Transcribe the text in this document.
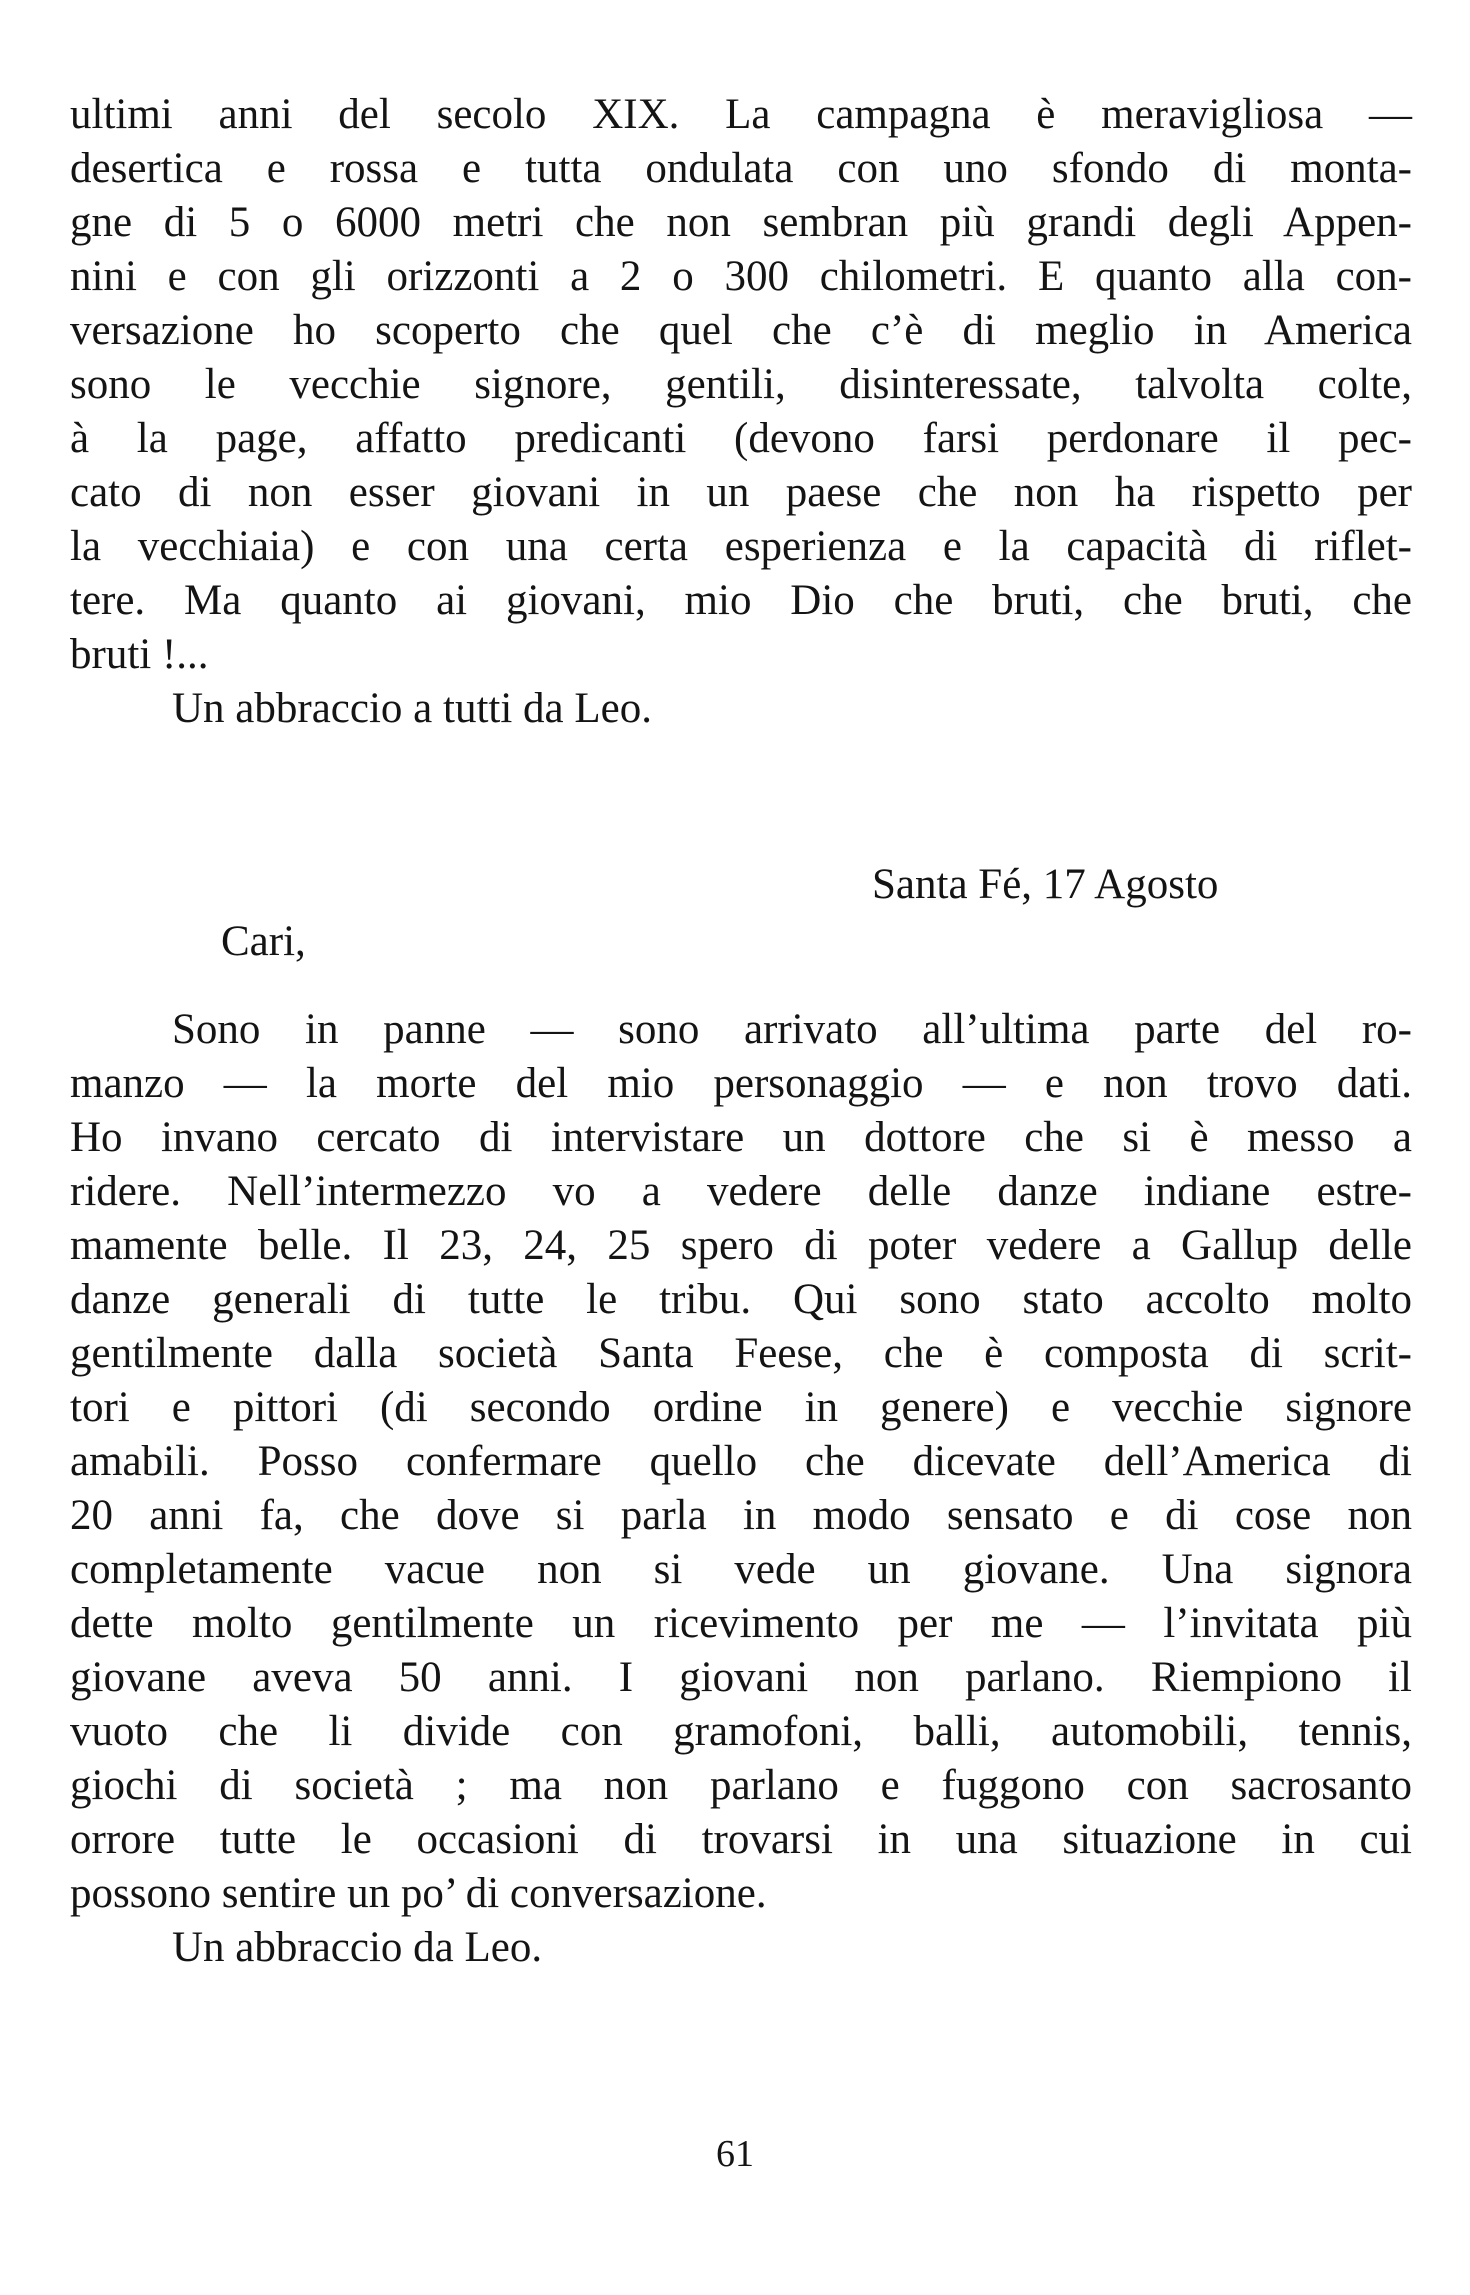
ultimi anni del secolo XIX. La campagna è meravigliosa —
desertica e rossa e tutta ondulata con uno sfondo di monta-
gne di 5 o 6000 metri che non sembran più grandi degli Appen-
nini e con gli orizzonti a 2 o 300 chilometri. E quanto alla con-
versazione ho scoperto che quel che c’è di meglio in America
sono le vecchie signore, gentili, disinteressate, talvolta colte,
à la page, affatto predicanti (devono farsi perdonare il pec-
cato di non esser giovani in un paese che non ha rispetto per
la vecchiaia) e con una certa esperienza e la capacità di riflet-
tere. Ma quanto ai giovani, mio Dio che bruti, che bruti, che
bruti !...
Un abbraccio a tutti da Leo.
Santa Fé, 17 Agosto
Cari,
Sono in panne — sono arrivato all’ultima parte del ro-
manzo — la morte del mio personaggio — e non trovo dati.
Ho invano cercato di intervistare un dottore che si è messo a
ridere. Nell’intermezzo vo a vedere delle danze indiane estre-
mamente belle. Il 23, 24, 25 spero di poter vedere a Gallup delle
danze generali di tutte le tribu. Qui sono stato accolto molto
gentilmente dalla società Santa Feese, che è composta di scrit-
tori e pittori (di secondo ordine in genere) e vecchie signore
amabili. Posso confermare quello che dicevate dell’America di
20 anni fa, che dove si parla in modo sensato e di cose non
completamente vacue non si vede un giovane. Una signora
dette molto gentilmente un ricevimento per me — l’invitata più
giovane aveva 50 anni. I giovani non parlano. Riempiono il
vuoto che li divide con gramofoni, balli, automobili, tennis,
giochi di società ; ma non parlano e fuggono con sacrosanto
orrore tutte le occasioni di trovarsi in una situazione in cui
possono sentire un po’ di conversazione.
Un abbraccio da Leo.
61
